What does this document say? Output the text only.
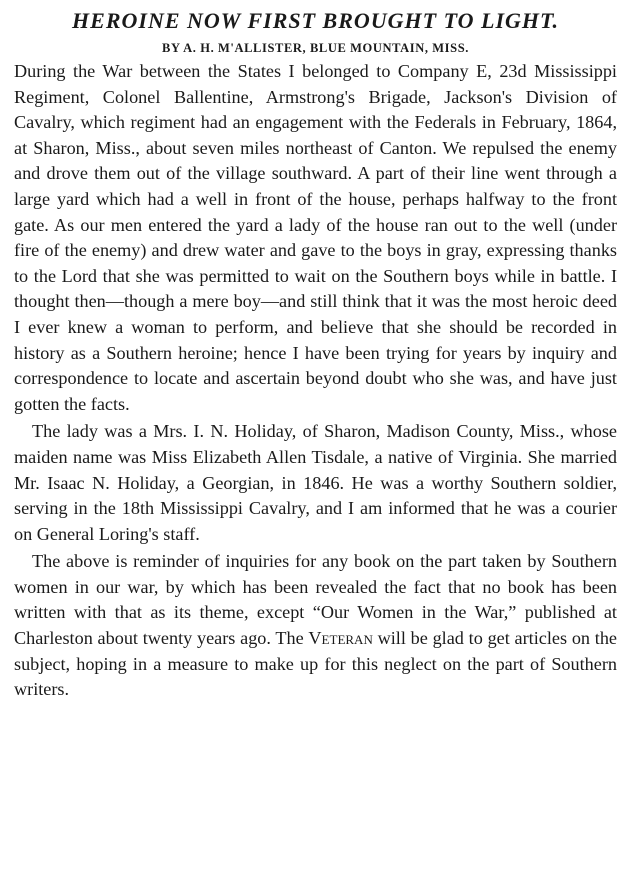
HEROINE NOW FIRST BROUGHT TO LIGHT.
BY A. H. M'ALLISTER, BLUE MOUNTAIN, MISS.

During the War between the States I belonged to Company E, 23d Mississippi Regiment, Colonel Ballentine, Armstrong's Brigade, Jackson's Division of Cavalry, which regiment had an engagement with the Federals in February, 1864, at Sharon, Miss., about seven miles northeast of Canton. We repulsed the enemy and drove them out of the village southward. A part of their line went through a large yard which had a well in front of the house, perhaps halfway to the front gate. As our men entered the yard a lady of the house ran out to the well (under fire of the enemy) and drew water and gave to the boys in gray, expressing thanks to the Lord that she was permitted to wait on the Southern boys while in battle. I thought then—though a mere boy—and still think that it was the most heroic deed I ever knew a woman to perform, and believe that she should be recorded in history as a Southern heroine; hence I have been trying for years by inquiry and correspondence to locate and ascertain beyond doubt who she was, and have just gotten the facts.

The lady was a Mrs. I. N. Holiday, of Sharon, Madison County, Miss., whose maiden name was Miss Elizabeth Allen Tisdale, a native of Virginia. She married Mr. Isaac N. Holiday, a Georgian, in 1846. He was a worthy Southern soldier, serving in the 18th Mississippi Cavalry, and I am informed that he was a courier on General Loring's staff.

The above is reminder of inquiries for any book on the part taken by Southern women in our war, by which has been revealed the fact that no book has been written with that as its theme, except “Our Women in the War,” published at Charleston about twenty years ago. The Veteran will be glad to get articles on the subject, hoping in a measure to make up for this neglect on the part of Southern writers.
